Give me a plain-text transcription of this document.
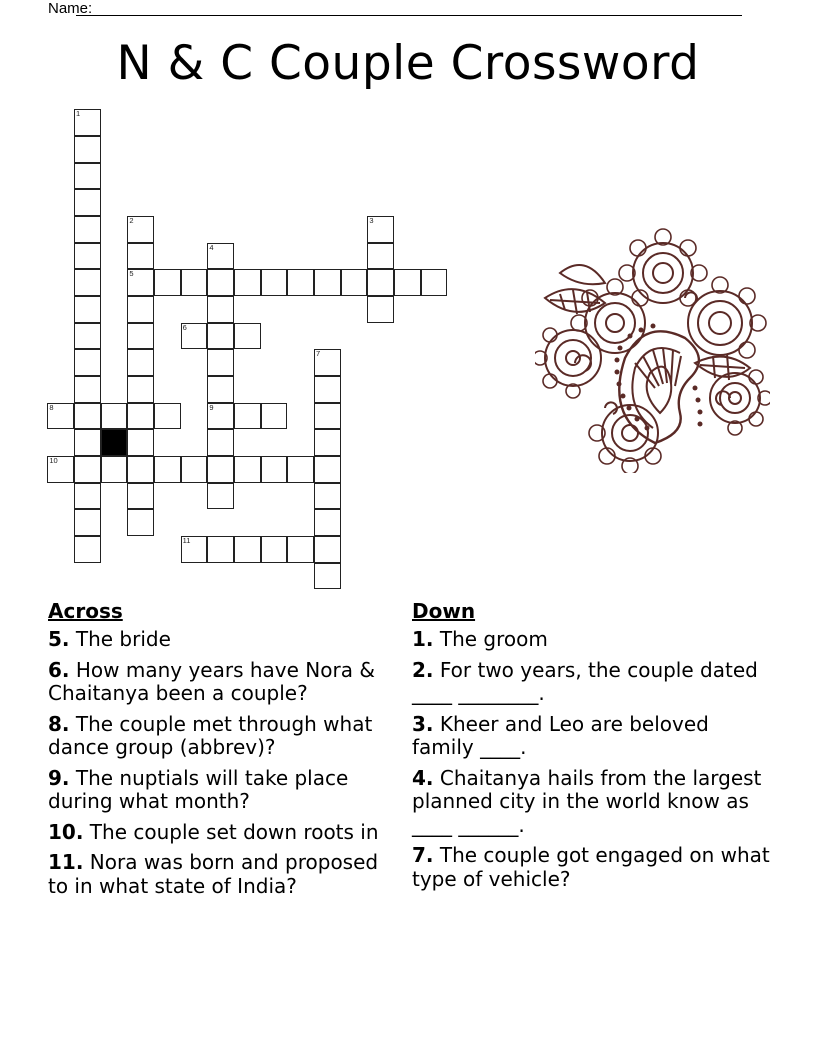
Name:
N & C Couple Crossword
1
2
5
3
4
9
6
7
8
10
11
Across
5. The bride
6. How many years have Nora & Chaitanya been a couple?
8. The couple met through what dance group (abbrev)?
9. The nuptials will take place during what month?
10. The couple set down roots in
11. Nora was born and proposed to in what state of India?
Down
1. The groom
2. For two years, the couple dated ____ ________.
3. Kheer and Leo are beloved family ____.
4. Chaitanya hails from the largest planned city in the world know as ____ ______.
7. The couple got engaged on what type of vehicle?
